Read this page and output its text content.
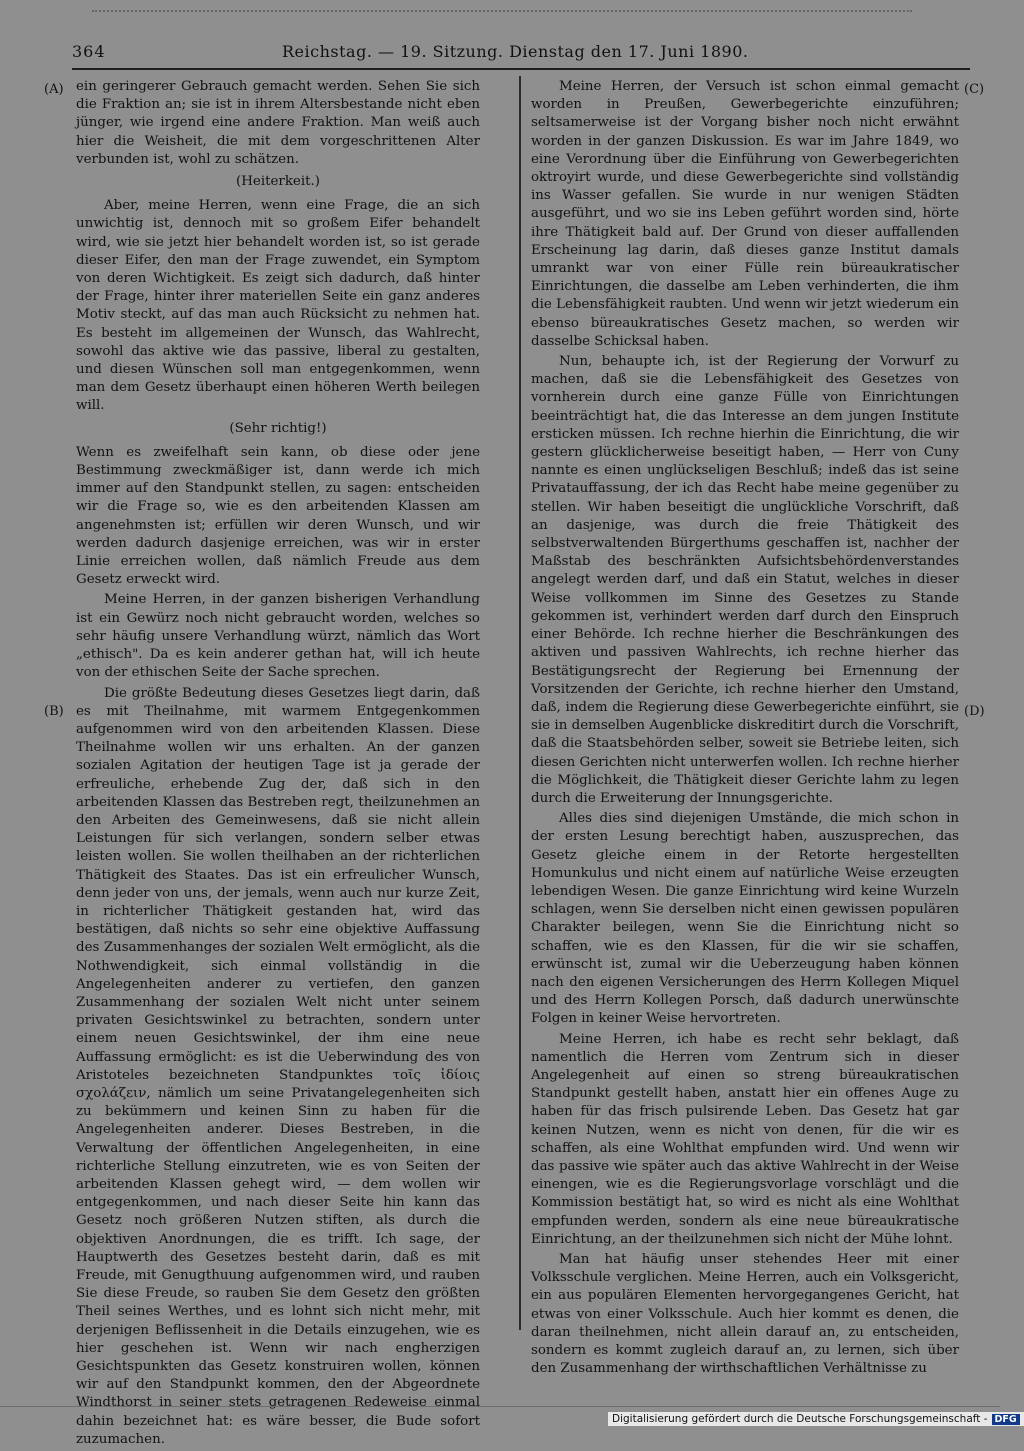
364	Reichstag. — 19. Sitzung. Dienstag den 17. Juni 1890.
(A)
(B)
(C)
(D)

ein geringerer Gebrauch gemacht werden. Sehen Sie sich die Fraktion an; sie ist in ihrem Altersbestande nicht eben jünger, wie irgend eine andere Fraktion. Man weiß auch hier die Weisheit, die mit dem vorgeschrittenen Alter verbunden ist, wohl zu schätzen.

(Heiterkeit.)

Aber, meine Herren, wenn eine Frage, die an sich unwichtig ist, dennoch mit so großem Eifer behandelt wird, wie sie jetzt hier behandelt worden ist, so ist gerade dieser Eifer, den man der Frage zuwendet, ein Symptom von deren Wichtigkeit. Es zeigt sich dadurch, daß hinter der Frage, hinter ihrer materiellen Seite ein ganz anderes Motiv steckt, auf das man auch Rücksicht zu nehmen hat. Es besteht im allgemeinen der Wunsch, das Wahlrecht, sowohl das aktive wie das passive, liberal zu gestalten, und diesen Wünschen soll man entgegenkommen, wenn man dem Gesetz überhaupt einen höheren Werth beilegen will.

(Sehr richtig!)

Wenn es zweifelhaft sein kann, ob diese oder jene Bestimmung zweckmäßiger ist, dann werde ich mich immer auf den Standpunkt stellen, zu sagen: entscheiden wir die Frage so, wie es den arbeitenden Klassen am angenehmsten ist; erfüllen wir deren Wunsch, und wir werden dadurch dasjenige erreichen, was wir in erster Linie erreichen wollen, daß nämlich Freude aus dem Gesetz erweckt wird.

Meine Herren, in der ganzen bisherigen Verhandlung ist ein Gewürz noch nicht gebraucht worden, welches so sehr häufig unsere Verhandlung würzt, nämlich das Wort „ethisch". Da es kein anderer gethan hat, will ich heute von der ethischen Seite der Sache sprechen.

Die größte Bedeutung dieses Gesetzes liegt darin, daß es mit Theilnahme, mit warmem Entgegenkommen aufgenommen wird von den arbeitenden Klassen. Diese Theilnahme wollen wir uns erhalten. An der ganzen sozialen Agitation der heutigen Tage ist ja gerade der erfreuliche, erhebende Zug der, daß sich in den arbeitenden Klassen das Bestreben regt, theilzunehmen an den Arbeiten des Gemeinwesens, daß sie nicht allein Leistungen für sich verlangen, sondern selber etwas leisten wollen. Sie wollen theilhaben an der richterlichen Thätigkeit des Staates. Das ist ein erfreulicher Wunsch, denn jeder von uns, der jemals, wenn auch nur kurze Zeit, in richterlicher Thätigkeit gestanden hat, wird das bestätigen, daß nichts so sehr eine objektive Auffassung des Zusammenhanges der sozialen Welt ermöglicht, als die Nothwendigkeit, sich einmal vollständig in die Angelegenheiten anderer zu vertiefen, den ganzen Zusammenhang der sozialen Welt nicht unter seinem privaten Gesichtswinkel zu betrachten, sondern unter einem neuen Gesichtswinkel, der ihm eine neue Auffassung ermöglicht: es ist die Ueberwindung des von Aristoteles bezeichneten Standpunktes τοῖς ἰδίοις σχολάζειν, nämlich um seine Privatangelegenheiten sich zu bekümmern und keinen Sinn zu haben für die Angelegenheiten anderer. Dieses Bestreben, in die Verwaltung der öffentlichen Angelegenheiten, in eine richterliche Stellung einzutreten, wie es von Seiten der arbeitenden Klassen gehegt wird, — dem wollen wir entgegenkommen, und nach dieser Seite hin kann das Gesetz noch größeren Nutzen stiften, als durch die objektiven Anordnungen, die es trifft. Ich sage, der Hauptwerth des Gesetzes besteht darin, daß es mit Freude, mit Genugthuung aufgenommen wird, und rauben Sie diese Freude, so rauben Sie dem Gesetz den größten Theil seines Werthes, und es lohnt sich nicht mehr, mit derjenigen Beflissenheit in die Details einzugehen, wie es hier geschehen ist. Wenn wir nach engherzigen Gesichtspunkten das Gesetz konstruiren wollen, können wir auf den Standpunkt kommen, den der Abgeordnete Windthorst in seiner stets getragenen Redeweise einmal dahin bezeichnet hat: es wäre besser, die Bude sofort zuzumachen.

Meine Herren, der Versuch ist schon einmal gemacht worden in Preußen, Gewerbegerichte einzuführen; seltsamerweise ist der Vorgang bisher noch nicht erwähnt worden in der ganzen Diskussion. Es war im Jahre 1849, wo eine Verordnung über die Einführung von Gewerbegerichten oktroyirt wurde, und diese Gewerbegerichte sind vollständig ins Wasser gefallen. Sie wurde in nur wenigen Städten ausgeführt, und wo sie ins Leben geführt worden sind, hörte ihre Thätigkeit bald auf. Der Grund von dieser auffallenden Erscheinung lag darin, daß dieses ganze Institut damals umrankt war von einer Fülle rein büreaukratischer Einrichtungen, die dasselbe am Leben verhinderten, die ihm die Lebensfähigkeit raubten. Und wenn wir jetzt wiederum ein ebenso büreaukratisches Gesetz machen, so werden wir dasselbe Schicksal haben.

Nun, behaupte ich, ist der Regierung der Vorwurf zu machen, daß sie die Lebensfähigkeit des Gesetzes von vornherein durch eine ganze Fülle von Einrichtungen beeinträchtigt hat, die das Interesse an dem jungen Institute ersticken müssen. Ich rechne hierhin die Einrichtung, die wir gestern glücklicherweise beseitigt haben, — Herr von Cuny nannte es einen unglückseligen Beschluß; indeß das ist seine Privatauffassung, der ich das Recht habe meine gegenüber zu stellen. Wir haben beseitigt die unglückliche Vorschrift, daß an dasjenige, was durch die freie Thätigkeit des selbstverwaltenden Bürgerthums geschaffen ist, nachher der Maßstab des beschränkten Aufsichtsbehördenverstandes angelegt werden darf, und daß ein Statut, welches in dieser Weise vollkommen im Sinne des Gesetzes zu Stande gekommen ist, verhindert werden darf durch den Einspruch einer Behörde. Ich rechne hierher die Beschränkungen des aktiven und passiven Wahlrechts, ich rechne hierher das Bestätigungsrecht der Regierung bei Ernennung der Vorsitzenden der Gerichte, ich rechne hierher den Umstand, daß, indem die Regierung diese Gewerbegerichte einführt, sie sie in demselben Augenblicke diskreditirt durch die Vorschrift, daß die Staatsbehörden selber, soweit sie Betriebe leiten, sich diesen Gerichten nicht unterwerfen wollen. Ich rechne hierher die Möglichkeit, die Thätigkeit dieser Gerichte lahm zu legen durch die Erweiterung der Innungsgerichte.

Alles dies sind diejenigen Umstände, die mich schon in der ersten Lesung berechtigt haben, auszusprechen, das Gesetz gleiche einem in der Retorte hergestellten Homunkulus und nicht einem auf natürliche Weise erzeugten lebendigen Wesen. Die ganze Einrichtung wird keine Wurzeln schlagen, wenn Sie derselben nicht einen gewissen populären Charakter beilegen, wenn Sie die Einrichtung nicht so schaffen, wie es den Klassen, für die wir sie schaffen, erwünscht ist, zumal wir die Ueberzeugung haben können nach den eigenen Versicherungen des Herrn Kollegen Miquel und des Herrn Kollegen Porsch, daß dadurch unerwünschte Folgen in keiner Weise hervortreten.

Meine Herren, ich habe es recht sehr beklagt, daß namentlich die Herren vom Zentrum sich in dieser Angelegenheit auf einen so streng büreaukratischen Standpunkt gestellt haben, anstatt hier ein offenes Auge zu haben für das frisch pulsirende Leben. Das Gesetz hat gar keinen Nutzen, wenn es nicht von denen, für die wir es schaffen, als eine Wohlthat empfunden wird. Und wenn wir das passive wie später auch das aktive Wahlrecht in der Weise einengen, wie es die Regierungsvorlage vorschlägt und die Kommission bestätigt hat, so wird es nicht als eine Wohlthat empfunden werden, sondern als eine neue büreaukratische Einrichtung, an der theilzunehmen sich nicht der Mühe lohnt.

Man hat häufig unser stehendes Heer mit einer Volksschule verglichen. Meine Herren, auch ein Volksgericht, ein aus populären Elementen hervorgegangenes Gericht, hat etwas von einer Volksschule. Auch hier kommt es denen, die daran theilnehmen, nicht allein darauf an, zu entscheiden, sondern es kommt zugleich darauf an, zu lernen, sich über den Zusammenhang der wirthschaftlichen Verhältnisse zu

Digitalisierung gefördert durch die Deutsche Forschungsgemeinschaft - DFG
